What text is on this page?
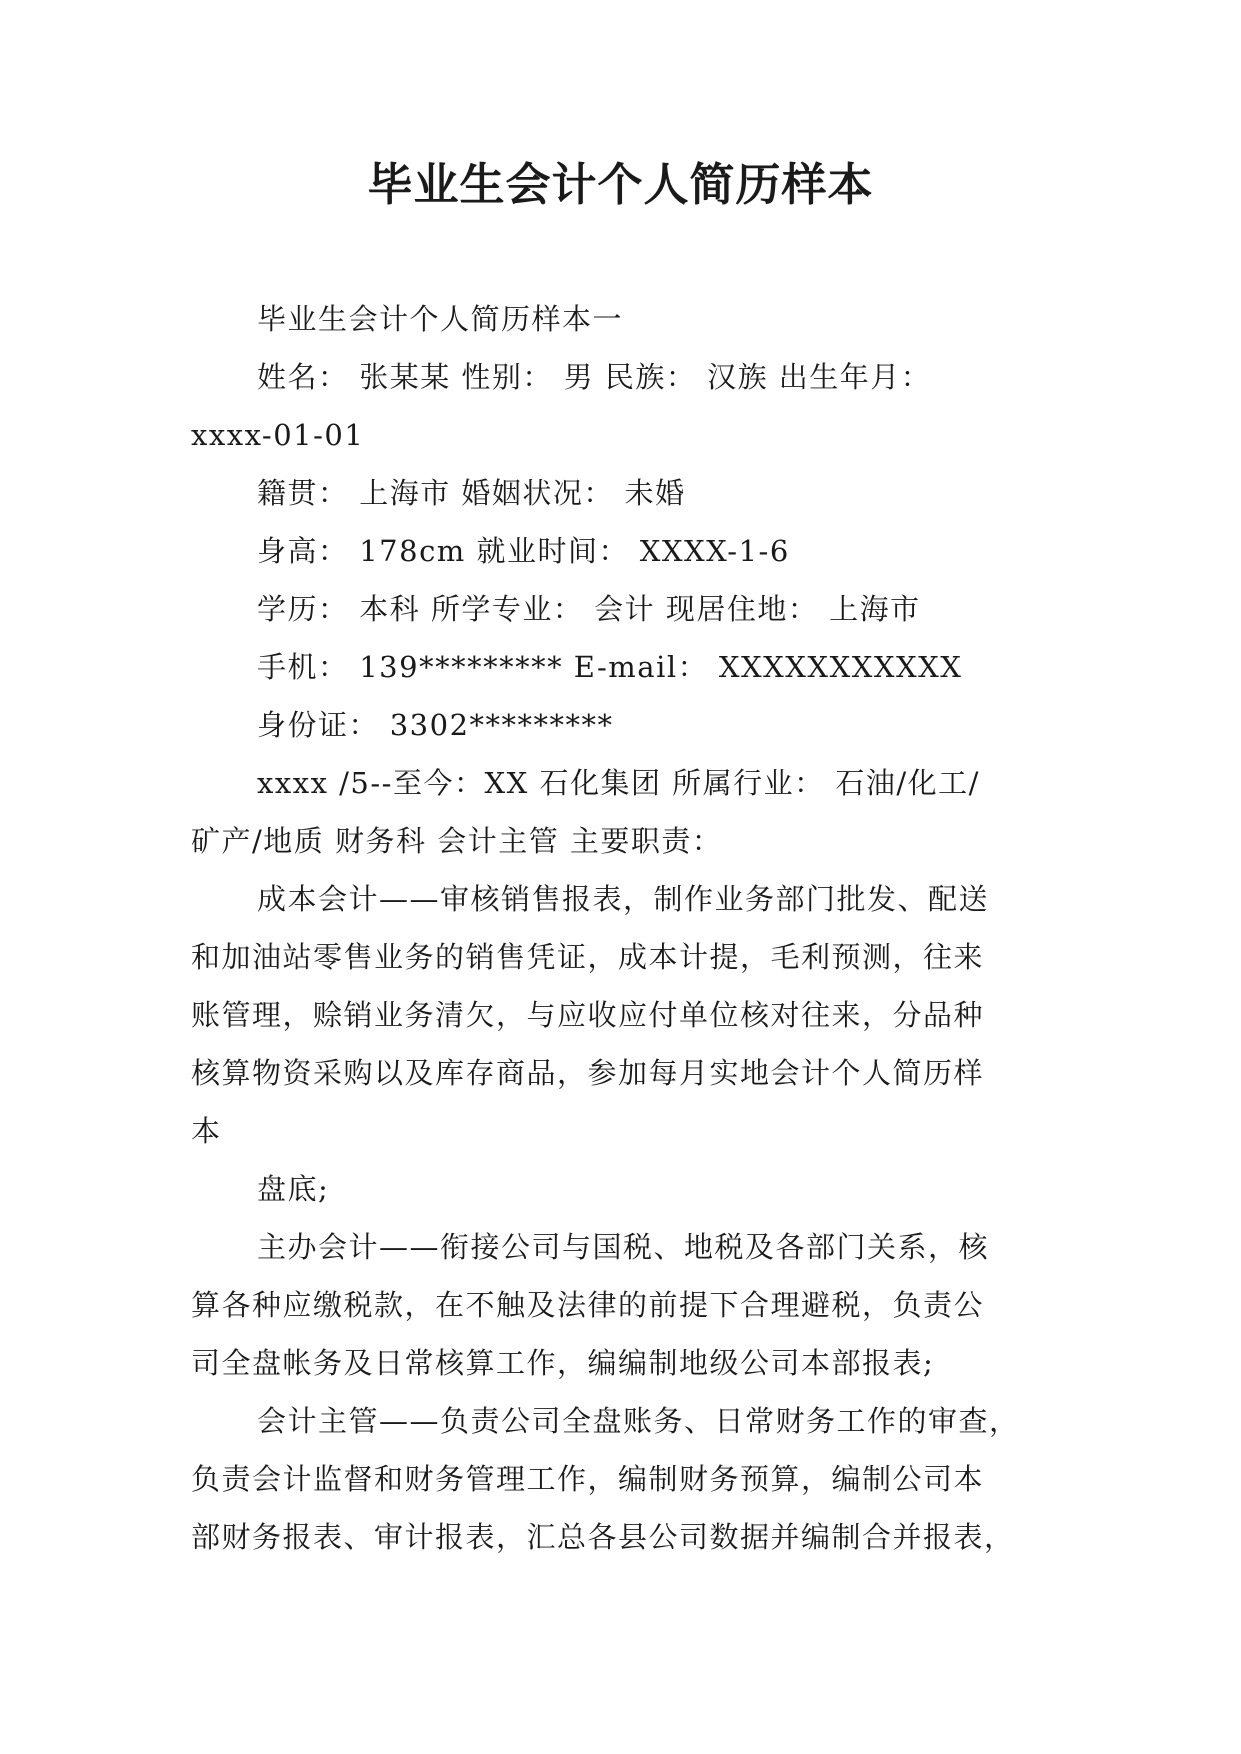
毕业生会计个人简历样本
毕业生会计个人简历样本一
姓名： 张某某 性别： 男 民族： 汉族 出生年月：
xxxx-01-01
籍贯： 上海市 婚姻状况： 未婚
身高： 178cm 就业时间： XXXX-1-6
学历： 本科 所学专业： 会计 现居住地： 上海市
手机： 139********* E-mail： XXXXXXXXXXX
身份证： 3302*********
xxxx /5--至今：XX 石化集团 所属行业： 石油/化工/
矿产/地质 财务科 会计主管 主要职责：
成本会计——审核销售报表，制作业务部门批发、配送
和加油站零售业务的销售凭证，成本计提，毛利预测，往来
账管理，赊销业务清欠，与应收应付单位核对往来，分品种
核算物资采购以及库存商品，参加每月实地会计个人简历样
本
盘底;
主办会计——衔接公司与国税、地税及各部门关系，核
算各种应缴税款，在不触及法律的前提下合理避税，负责公
司全盘帐务及日常核算工作，编编制地级公司本部报表;
会计主管——负责公司全盘账务、日常财务工作的审查，
负责会计监督和财务管理工作，编制财务预算，编制公司本
部财务报表、审计报表，汇总各县公司数据并编制合并报表，
